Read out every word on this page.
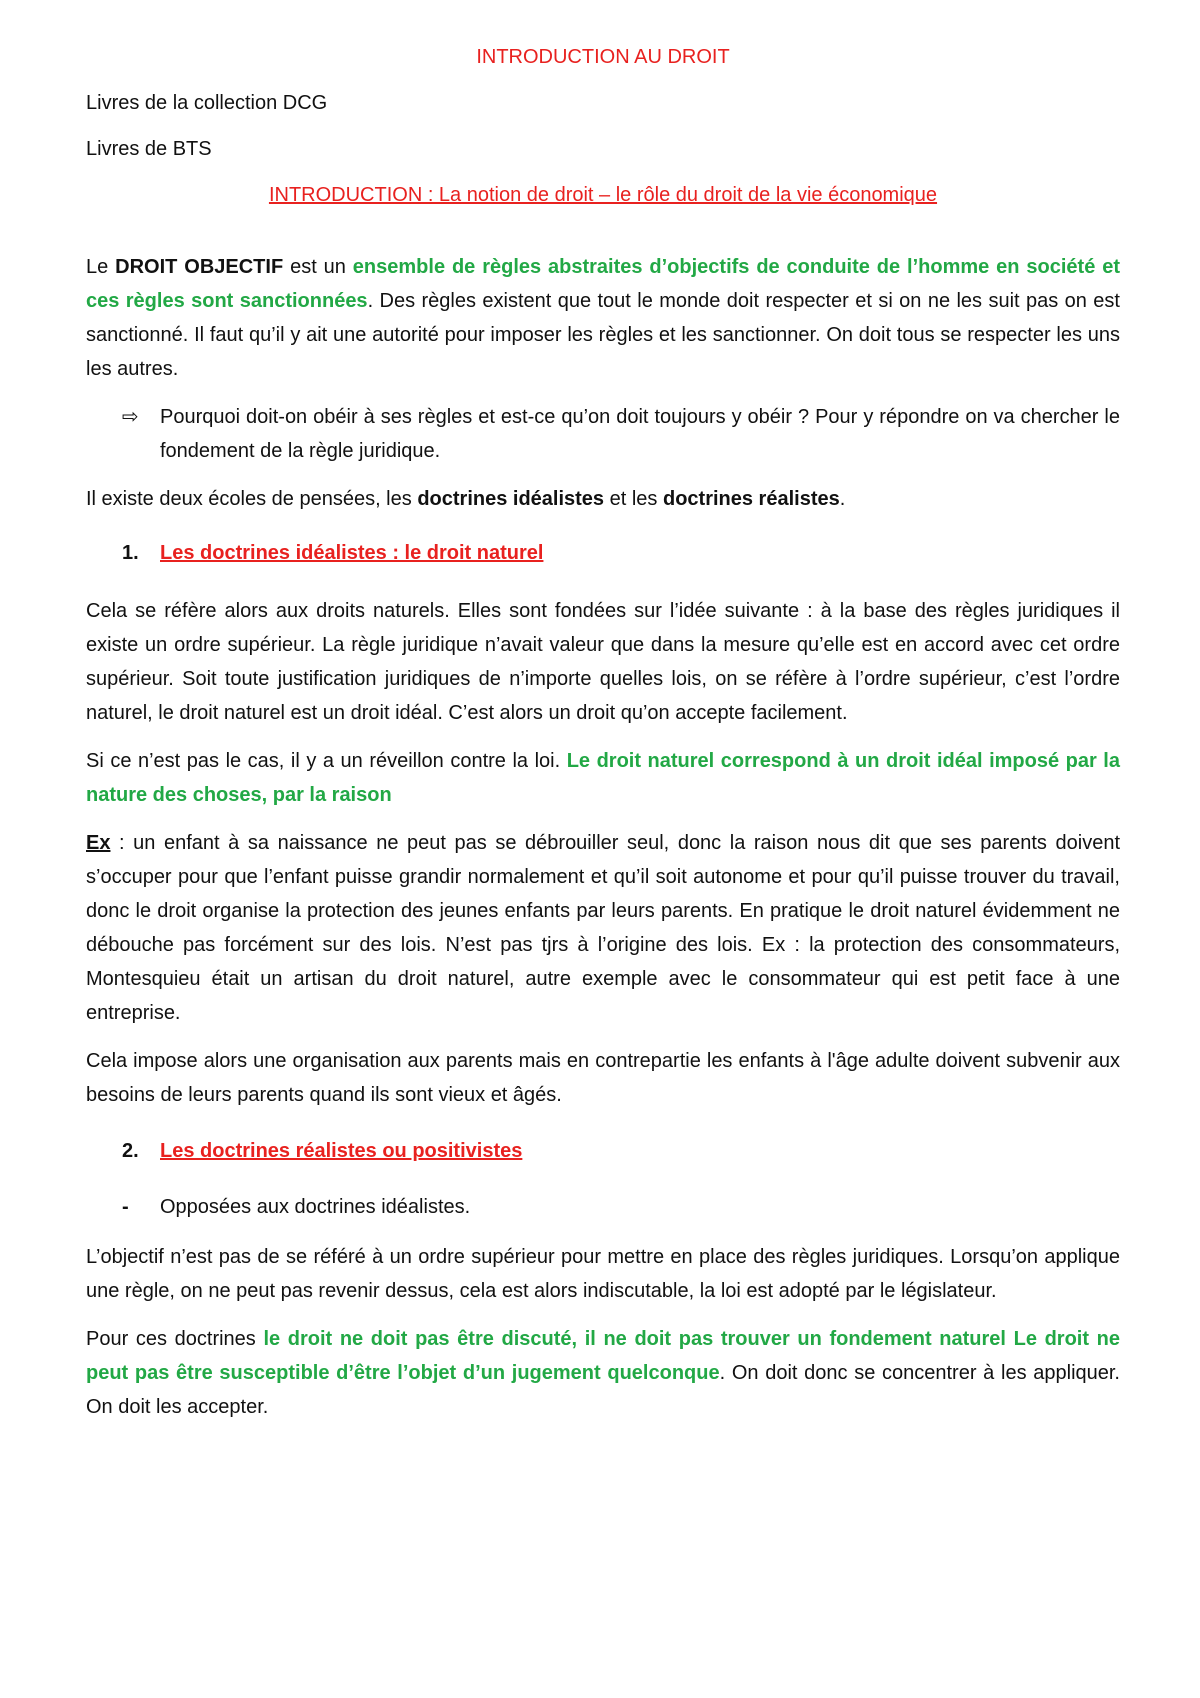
INTRODUCTION AU DROIT

Livres de la collection DCG

Livres de BTS

INTRODUCTION : La notion de droit – le rôle du droit de la vie économique

Le DROIT OBJECTIF est un ensemble de règles abstraites d’objectifs de conduite de l’homme en société et ces règles sont sanctionnées. Des règles existent que tout le monde doit respecter et si on ne les suit pas on est sanctionné. Il faut qu’il y ait une autorité pour imposer les règles et les sanctionner. On doit tous se respecter les uns les autres.

⇨	Pourquoi doit-on obéir à ses règles et est-ce qu’on doit toujours y obéir ? Pour y répondre on va chercher le fondement de la règle juridique.

Il existe deux écoles de pensées, les doctrines idéalistes et les doctrines réalistes.

1.	Les doctrines idéalistes : le droit naturel

Cela se réfère alors aux droits naturels. Elles sont fondées sur l’idée suivante : à la base des règles juridiques il existe un ordre supérieur. La règle juridique n’avait valeur que dans la mesure qu’elle est en accord avec cet ordre supérieur. Soit toute justification juridiques de n’importe quelles lois, on se réfère à l’ordre supérieur, c’est l’ordre naturel, le droit naturel est un droit idéal. C’est alors un droit qu’on accepte facilement.

Si ce n’est pas le cas, il y a un réveillon contre la loi. Le droit naturel correspond à un droit idéal imposé par la nature des choses, par la raison

Ex : un enfant à sa naissance ne peut pas se débrouiller seul, donc la raison nous dit que ses parents doivent s’occuper pour que l’enfant puisse grandir normalement et qu’il soit autonome et pour qu’il puisse trouver du travail, donc le droit organise la protection des jeunes enfants par leurs parents. En pratique le droit naturel évidemment ne débouche pas forcément sur des lois. N’est pas tjrs à l’origine des lois. Ex : la protection des consommateurs, Montesquieu était un artisan du droit naturel, autre exemple avec le consommateur qui est petit face à une entreprise.

Cela impose alors une organisation aux parents mais en contrepartie les enfants à l'âge adulte doivent subvenir aux besoins de leurs parents quand ils sont vieux et âgés.

2.	Les doctrines réalistes ou positivistes
-	Opposées aux doctrines idéalistes.

L’objectif n’est pas de se référé à un ordre supérieur pour mettre en place des règles juridiques. Lorsqu’on applique une règle, on ne peut pas revenir dessus, cela est alors indiscutable, la loi est adopté par le législateur.

Pour ces doctrines le droit ne doit pas être discuté, il ne doit pas trouver un fondement naturel Le droit ne peut pas être susceptible d’être l’objet d’un jugement quelconque. On doit donc se concentrer à les appliquer. On doit les accepter.
